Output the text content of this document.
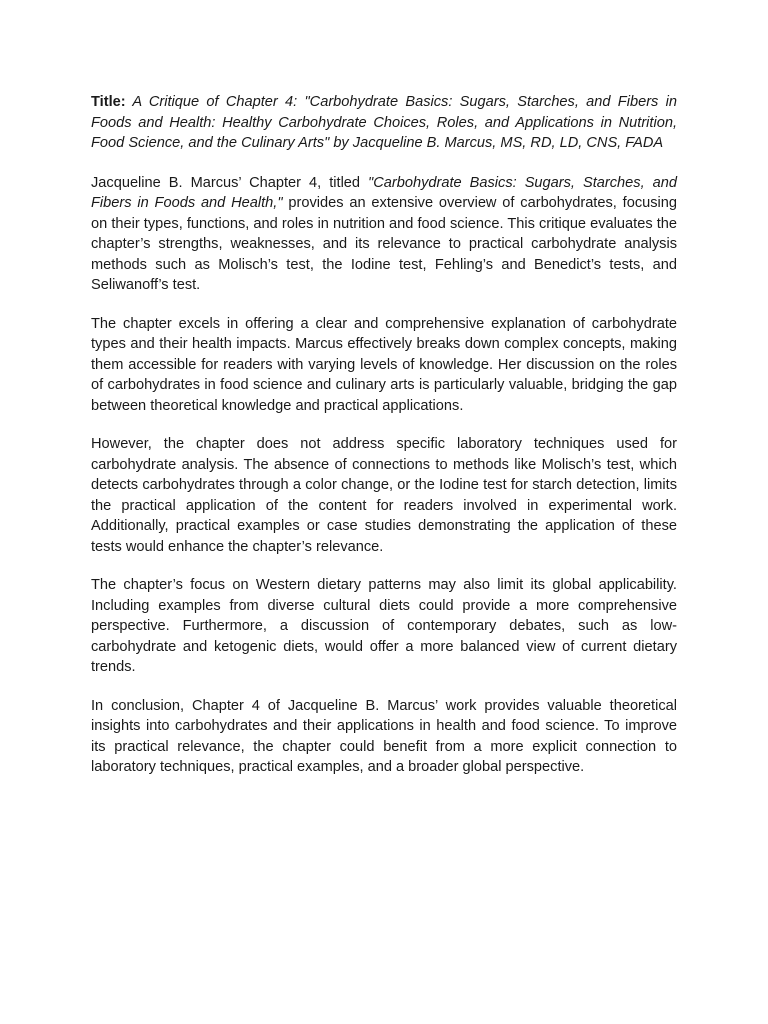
Title: A Critique of Chapter 4: "Carbohydrate Basics: Sugars, Starches, and Fibers in Foods and Health: Healthy Carbohydrate Choices, Roles, and Applications in Nutrition, Food Science, and the Culinary Arts" by Jacqueline B. Marcus, MS, RD, LD, CNS, FADA

Jacqueline B. Marcus’ Chapter 4, titled "Carbohydrate Basics: Sugars, Starches, and Fibers in Foods and Health," provides an extensive overview of carbohydrates, focusing on their types, functions, and roles in nutrition and food science. This critique evaluates the chapter’s strengths, weaknesses, and its relevance to practical carbohydrate analysis methods such as Molisch’s test, the Iodine test, Fehling’s and Benedict’s tests, and Seliwanoff’s test.

The chapter excels in offering a clear and comprehensive explanation of carbohydrate types and their health impacts. Marcus effectively breaks down complex concepts, making them accessible for readers with varying levels of knowledge. Her discussion on the roles of carbohydrates in food science and culinary arts is particularly valuable, bridging the gap between theoretical knowledge and practical applications.

However, the chapter does not address specific laboratory techniques used for carbohydrate analysis. The absence of connections to methods like Molisch’s test, which detects carbohydrates through a color change, or the Iodine test for starch detection, limits the practical application of the content for readers involved in experimental work. Additionally, practical examples or case studies demonstrating the application of these tests would enhance the chapter’s relevance.

The chapter’s focus on Western dietary patterns may also limit its global applicability. Including examples from diverse cultural diets could provide a more comprehensive perspective. Furthermore, a discussion of contemporary debates, such as low-carbohydrate and ketogenic diets, would offer a more balanced view of current dietary trends.

In conclusion, Chapter 4 of Jacqueline B. Marcus’ work provides valuable theoretical insights into carbohydrates and their applications in health and food science. To improve its practical relevance, the chapter could benefit from a more explicit connection to laboratory techniques, practical examples, and a broader global perspective.
